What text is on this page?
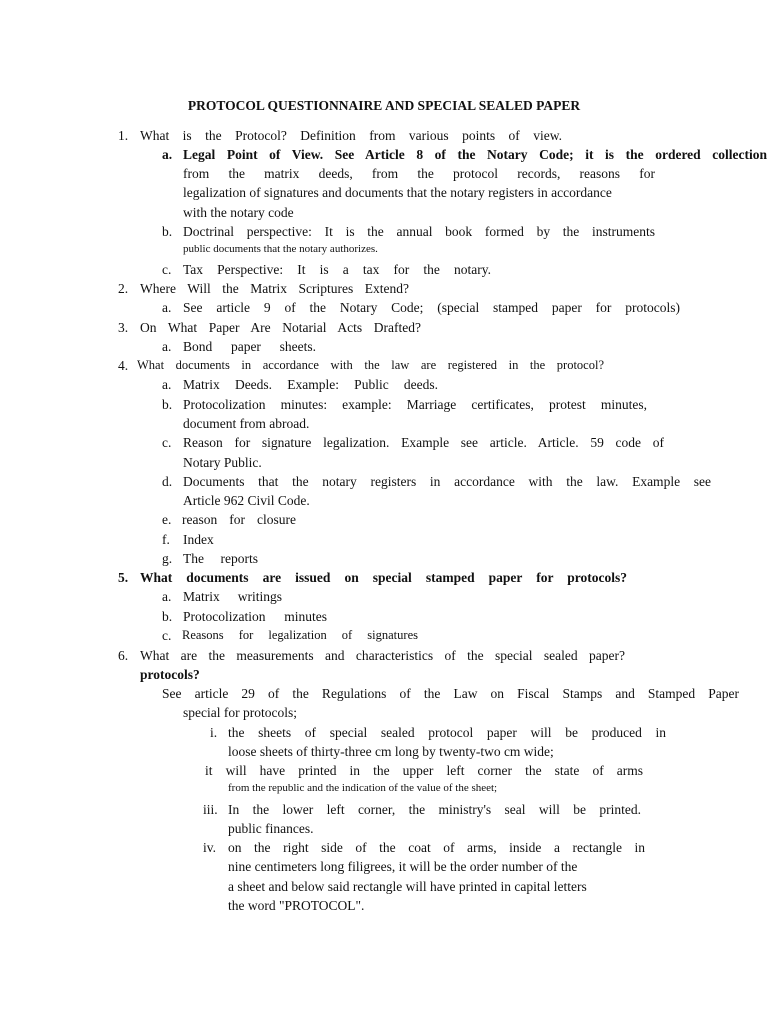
PROTOCOL QUESTIONNAIRE AND SPECIAL SEALED PAPER
1. What is the Protocol? Definition from various points of view.
a. Legal Point of View. See Article 8 of the Notary Code; it is the ordered collection
from the matrix deeds, from the protocol records, reasons for
legalization of signatures and documents that the notary registers in accordance
with the notary code
b. Doctrinal perspective: It is the annual book formed by the instruments
public documents that the notary authorizes.
c. Tax Perspective: It is a tax for the notary.
2. Where Will the Matrix Scriptures Extend?
a. See article 9 of the Notary Code; (special stamped paper for protocols)
3. On What Paper Are Notarial Acts Drafted?
a. Bond paper sheets.
4. What documents in accordance with the law are registered in the protocol?
a. Matrix Deeds. Example: Public deeds.
b. Protocolization minutes: example: Marriage certificates, protest minutes,
document from abroad.
c. Reason for signature legalization. Example see article. Article. 59 code of
Notary Public.
d. Documents that the notary registers in accordance with the law. Example see
Article 962 Civil Code.
e. reason for closure
f. Index
g. The reports
5. What documents are issued on special stamped paper for protocols?
a. Matrix writings
b. Protocolization minutes
c. Reasons for legalization of signatures
6. What are the measurements and characteristics of the special sealed paper?
protocols?
See article 29 of the Regulations of the Law on Fiscal Stamps and Stamped Paper
special for protocols;
i. the sheets of special sealed protocol paper will be produced in
loose sheets of thirty-three cm long by twenty-two cm wide;
it will have printed in the upper left corner the state of arms
from the republic and the indication of the value of the sheet;
iii. In the lower left corner, the ministry's seal will be printed.
public finances.
iv. on the right side of the coat of arms, inside a rectangle in
nine centimeters long filigrees, it will be the order number of the
a sheet and below said rectangle will have printed in capital letters
the word "PROTOCOL".
